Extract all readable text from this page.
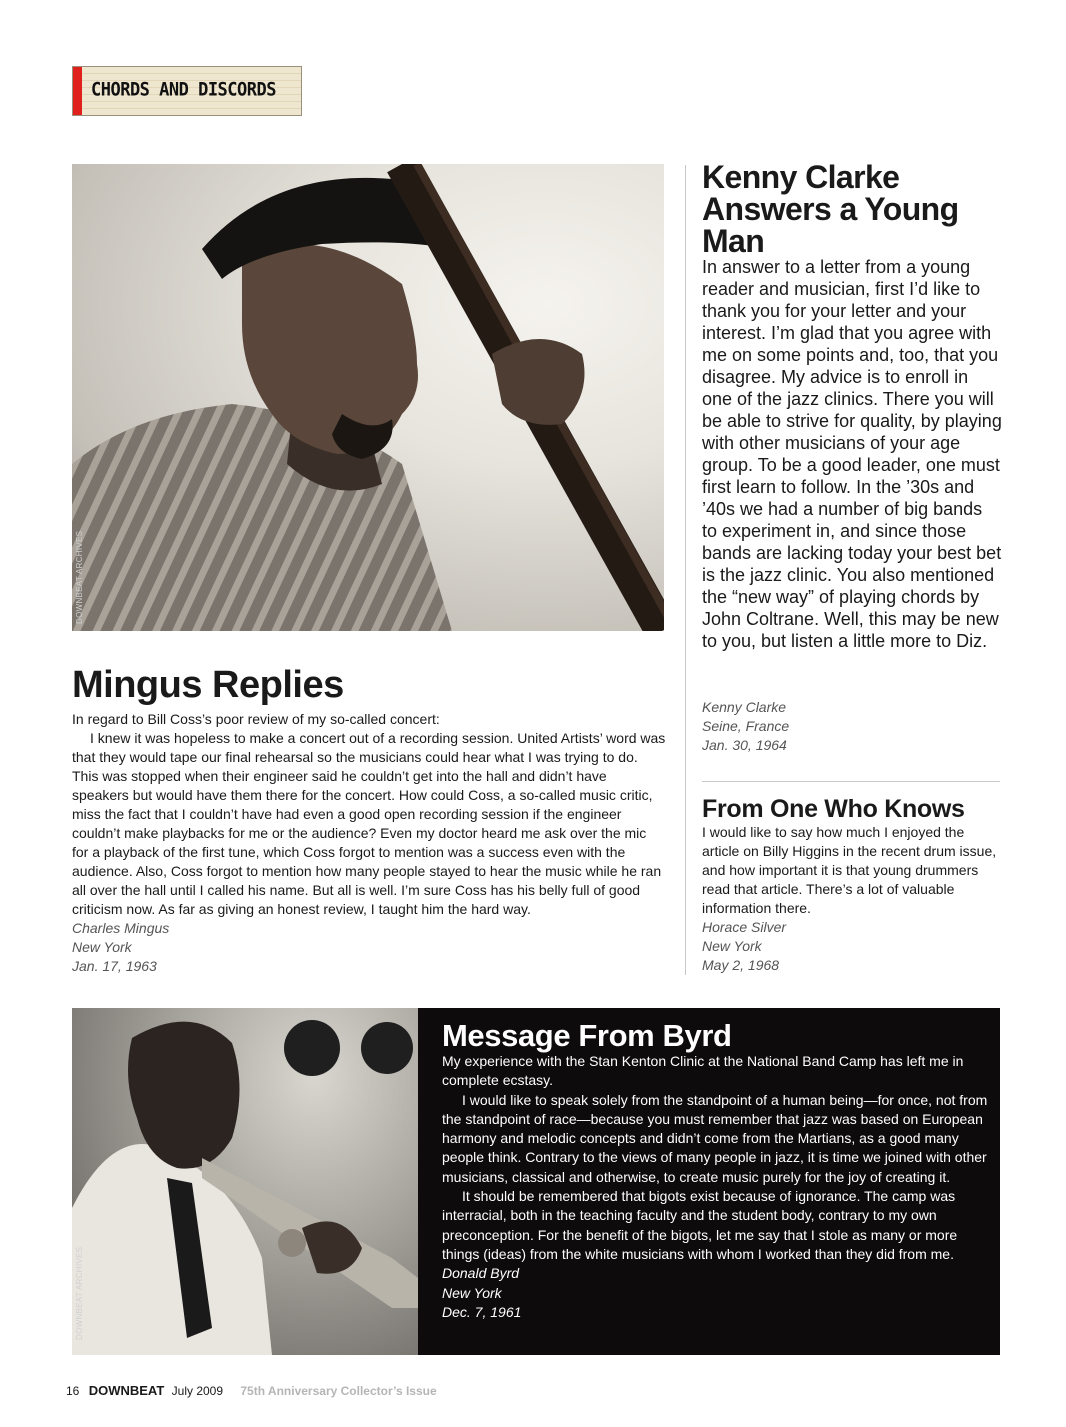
CHORDS AND DISCORDS
DOWNBEAT ARCHIVES
Mingus Replies

In regard to Bill Coss’s poor review of my so-called concert:

I knew it was hopeless to make a concert out of a recording session. United Artists’ word was that they would tape our final rehearsal so the musicians could hear what I was trying to do. This was stopped when their engineer said he couldn’t get into the hall and didn’t have speakers but would have them there for the concert. How could Coss, a so-called music critic, miss the fact that I couldn’t have had even a good open recording session if the engineer couldn’t make playbacks for me or the audience? Even my doctor heard me ask over the mic for a playback of the first tune, which Coss forgot to mention was a success even with the audience. Also, Coss forgot to mention how many people stayed to hear the music while he ran all over the hall until I called his name. But all is well. I’m sure Coss has his belly full of good criticism now. As far as giving an honest review, I taught him the hard way.

Charles Mingus

New York

Jan. 17, 1963

Kenny Clarke Answers a Young Man

In answer to a letter from a young reader and musician, first I’d like to thank you for your letter and your interest. I’m glad that you agree with me on some points and, too, that you disagree. My advice is to enroll in one of the jazz clinics. There you will be able to strive for quality, by playing with other musicians of your age group. To be a good leader, one must first learn to follow. In the ’30s and ’40s we had a number of big bands to experiment in, and since those bands are lacking today your best bet is the jazz clinic. You also mentioned the “new way” of playing chords by John Coltrane. Well, this may be new to you, but listen a little more to Diz.

Kenny Clarke

Seine, France

Jan. 30, 1964

From One Who Knows

I would like to say how much I enjoyed the article on Billy Higgins in the recent drum issue, and how important it is that young drummers read that article. There’s a lot of valuable information there.

Horace Silver

New York

May 2, 1968

DOWNBEAT ARCHIVES
Message From Byrd

My experience with the Stan Kenton Clinic at the National Band Camp has left me in complete ecstasy.

I would like to speak solely from the standpoint of a human being—for once, not from the standpoint of race—because you must remember that jazz was based on European harmony and melodic concepts and didn’t come from the Martians, as a good many people think. Contrary to the views of many people in jazz, it is time we joined with other musicians, classical and otherwise, to create music purely for the joy of creating it.

It should be remembered that bigots exist because of ignorance. The camp was interracial, both in the teaching faculty and the student body, contrary to my own preconception. For the benefit of the bigots, let me say that I stole as many or more things (ideas) from the white musicians with whom I worked than they did from me.

Donald Byrd

New York

Dec. 7, 1961

16 DOWNBEAT July 2009 75th Anniversary Collector’s Issue
